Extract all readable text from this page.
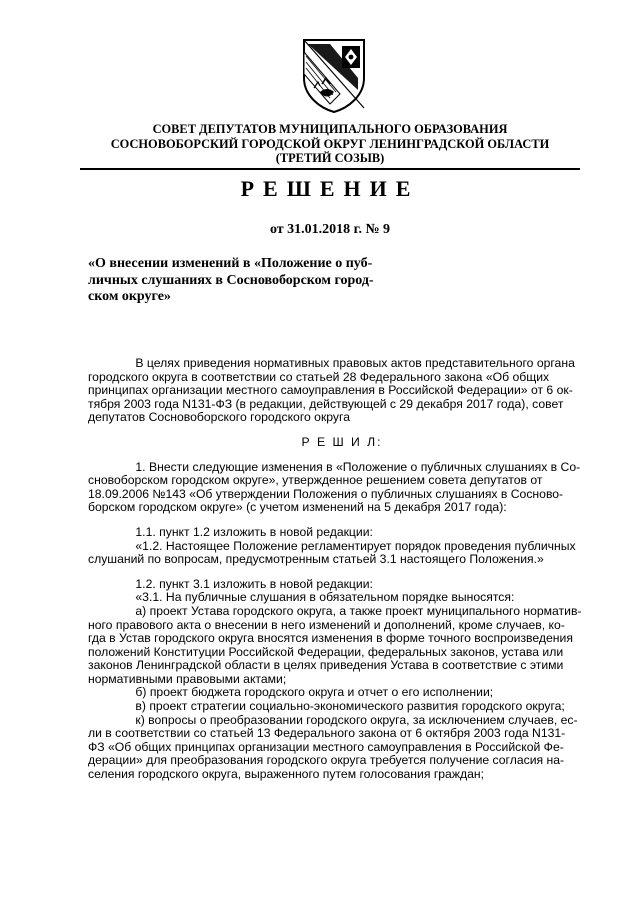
СОВЕТ ДЕПУТАТОВ МУНИЦИПАЛЬНОГО ОБРАЗОВАНИЯ
СОСНОВОБОРСКИЙ ГОРОДСКОЙ ОКРУГ ЛЕНИНГРАДСКОЙ ОБЛАСТИ
(ТРЕТИЙ СОЗЫВ)
РЕШЕНИЕ
от 31.01.2018 г. № 9
«О внесении изменений в «Положение о пуб-
личных слушаниях в Сосновоборском город-
ском округе»

В целях приведения нормативных правовых актов представительного органа
городского округа в соответствии со статьей 28 Федерального закона «Об общих
принципах организации местного самоуправления в Российской Федерации» от 6 ок-
тября 2003 года N131-ФЗ (в редакции, действующей с 29 декабря 2017 года), совет
депутатов Сосновоборского городского округа

Р Е Ш И Л:

1. Внести следующие изменения в «Положение о публичных слушаниях в Со-
сновоборском городском округе», утвержденное решением совета депутатов от
18.09.2006 №143 «Об утверждении Положения о публичных слушаниях в Сосново-
борском городском округе» (с учетом изменений на 5 декабря 2017 года):

1.1. пункт 1.2 изложить в новой редакции:
«1.2. Настоящее Положение регламентирует порядок проведения публичных
слушаний по вопросам, предусмотренным статьей 3.1 настоящего Положения.»

1.2. пункт 3.1 изложить в новой редакции:
«3.1. На публичные слушания в обязательном порядке выносятся:
а) проект Устава городского округа, а также проект муниципального норматив-
ного правового акта о внесении в него изменений и дополнений, кроме случаев, ко-
гда в Устав городского округа вносятся изменения в форме точного воспроизведения
положений Конституции Российской Федерации, федеральных законов, устава или
законов Ленинградской области в целях приведения Устава в соответствие с этими
нормативными правовыми актами;
б) проект бюджета городского округа и отчет о его исполнении;
в) проект стратегии социально-экономического развития городского округа;
к) вопросы о преобразовании городского округа, за исключением случаев, ес-
ли в соответствии со статьей 13 Федерального закона от 6 октября 2003 года N131-
ФЗ «Об общих принципах организации местного самоуправления в Российской Фе-
дерации» для преобразования городского округа требуется получение согласия на-
селения городского округа, выраженного путем голосования граждан;
